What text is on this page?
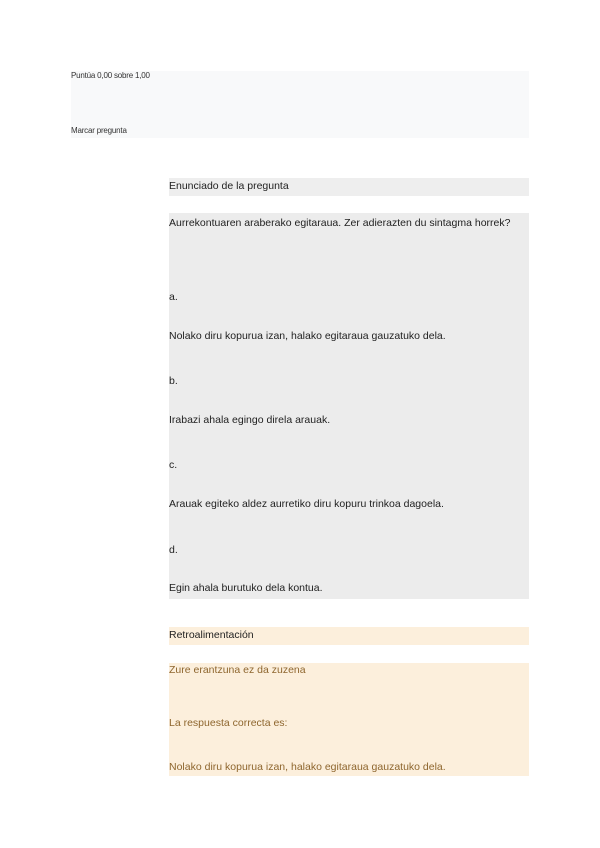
Puntúa 0,00 sobre 1,00
Marcar pregunta
Enunciado de la pregunta
Aurrekontuaren araberako egitaraua. Zer adierazten du sintagma horrek?
a.
Nolako diru kopurua izan, halako egitaraua gauzatuko dela.
b.
Irabazi ahala egingo direla arauak.
c.
Arauak egiteko aldez aurretiko diru kopuru trinkoa dagoela.
d.
Egin ahala burutuko dela kontua.
Retroalimentación
Zure erantzuna ez da zuzena
La respuesta correcta es:
Nolako diru kopurua izan, halako egitaraua gauzatuko dela.
